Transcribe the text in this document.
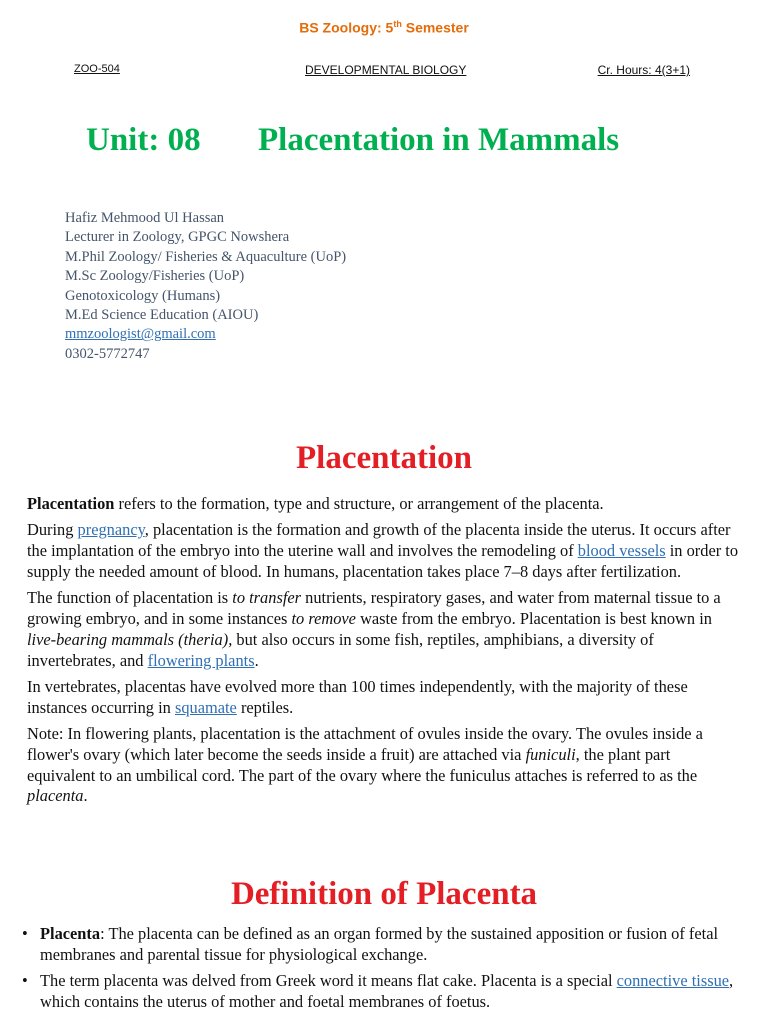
BS Zoology: 5th Semester
ZOO-504	DEVELOPMENTAL BIOLOGY	Cr. Hours: 4(3+1)
Unit: 08 Placentation in Mammals
Hafiz Mehmood Ul Hassan
Lecturer in Zoology, GPGC Nowshera
M.Phil Zoology/ Fisheries & Aquaculture (UoP)
M.Sc Zoology/Fisheries (UoP)
Genotoxicology (Humans)
M.Ed Science Education (AIOU)
mmzoologist@gmail.com
0302-5772747
Placentation

Placentation refers to the formation, type and structure, or arrangement of the placenta.

During pregnancy, placentation is the formation and growth of the placenta inside the uterus. It occurs after the implantation of the embryo into the uterine wall and involves the remodeling of blood vessels in order to supply the needed amount of blood. In humans, placentation takes place 7–8 days after fertilization.

The function of placentation is to transfer nutrients, respiratory gases, and water from maternal tissue to a growing embryo, and in some instances to remove waste from the embryo. Placentation is best known in live-bearing mammals (theria), but also occurs in some fish, reptiles, amphibians, a diversity of invertebrates, and flowering plants.

In vertebrates, placentas have evolved more than 100 times independently, with the majority of these instances occurring in squamate reptiles.

Note: In flowering plants, placentation is the attachment of ovules inside the ovary. The ovules inside a flower's ovary (which later become the seeds inside a fruit) are attached via funiculi, the plant part equivalent to an umbilical cord. The part of the ovary where the funiculus attaches is referred to as the placenta.

Definition of Placenta
• Placenta: The placenta can be defined as an organ formed by the sustained apposition or fusion of fetal membranes and parental tissue for physiological exchange.
• The term placenta was delved from Greek word it means flat cake. Placenta is a special connective tissue, which contains the uterus of mother and foetal membranes of foetus.
